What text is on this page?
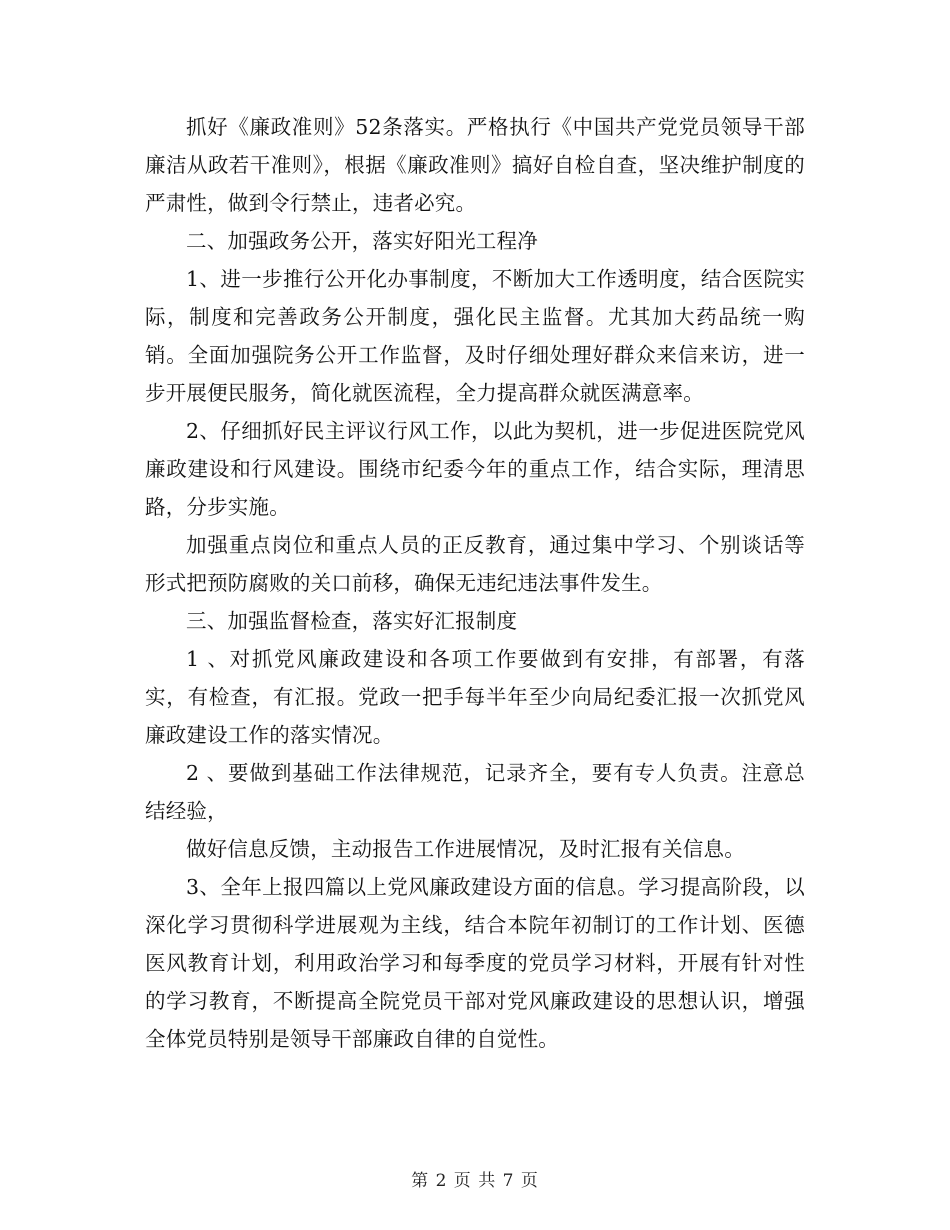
抓好《廉政准则》52条落实。严格执行《中国共产党党员领导干部廉洁从政若干准则》，根据《廉政准则》搞好自检自查，坚决维护制度的严肃性，做到令行禁止，违者必究。

二、加强政务公开，落实好阳光工程净

1、进一步推行公开化办事制度，不断加大工作透明度，结合医院实际，制度和完善政务公开制度，强化民主监督。尤其加大药品统一购销。全面加强院务公开工作监督，及时仔细处理好群众来信来访，进一步开展便民服务，简化就医流程，全力提高群众就医满意率。

2、仔细抓好民主评议行风工作，以此为契机，进一步促进医院党风廉政建设和行风建设。围绕市纪委今年的重点工作，结合实际，理清思路，分步实施。

加强重点岗位和重点人员的正反教育，通过集中学习、个别谈话等形式把预防腐败的关口前移，确保无违纪违法事件发生。

三、加强监督检查，落实好汇报制度

1 、对抓党风廉政建设和各项工作要做到有安排，有部署，有落实，有检查，有汇报。党政一把手每半年至少向局纪委汇报一次抓党风廉政建设工作的落实情况。

2 、要做到基础工作法律规范，记录齐全，要有专人负责。注意总结经验，

做好信息反馈，主动报告工作进展情况，及时汇报有关信息。

3、全年上报四篇以上党风廉政建设方面的信息。学习提高阶段，以深化学习贯彻科学进展观为主线，结合本院年初制订的工作计划、医德医风教育计划，利用政治学习和每季度的党员学习材料，开展有针对性的学习教育，不断提高全院党员干部对党风廉政建设的思想认识，增强全体党员特别是领导干部廉政自律的自觉性。

第 2 页 共 7 页
